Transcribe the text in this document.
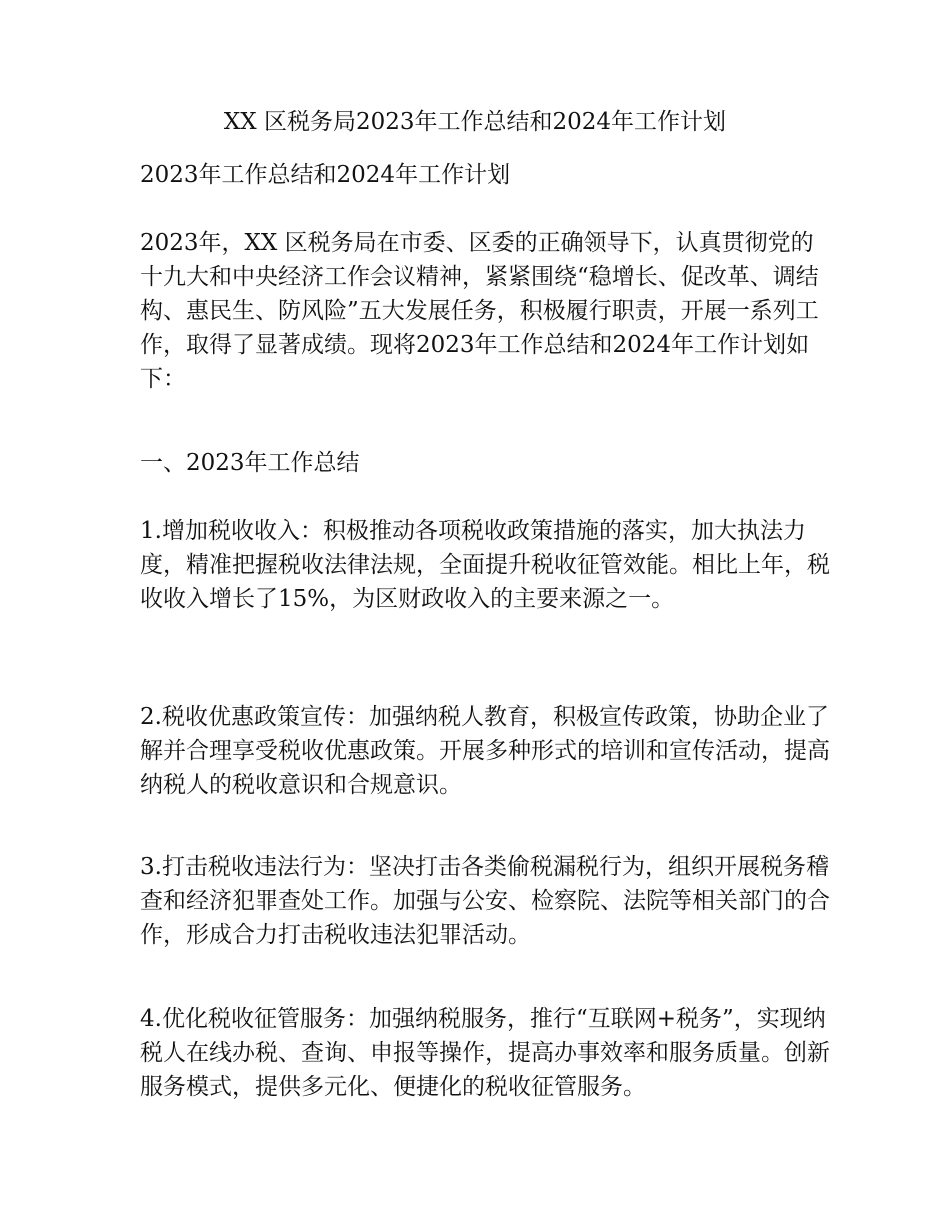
XX 区税务局2023年工作总结和2024年工作计划

2023年工作总结和2024年工作计划

2023年，XX 区税务局在市委、区委的正确领导下，认真贯彻党的十九大和中央经济工作会议精神，紧紧围绕“稳增长、促改革、调结构、惠民生、防风险”五大发展任务，积极履行职责，开展一系列工作，取得了显著成绩。现将2023年工作总结和2024年工作计划如下：

一、2023年工作总结

1.增加税收收入：积极推动各项税收政策措施的落实，加大执法力度，精准把握税收法律法规，全面提升税收征管效能。相比上年，税收收入增长了15%，为区财政收入的主要来源之一。

2.税收优惠政策宣传：加强纳税人教育，积极宣传政策，协助企业了解并合理享受税收优惠政策。开展多种形式的培训和宣传活动，提高纳税人的税收意识和合规意识。

3.打击税收违法行为：坚决打击各类偷税漏税行为，组织开展税务稽查和经济犯罪查处工作。加强与公安、检察院、法院等相关部门的合作，形成合力打击税收违法犯罪活动。

4.优化税收征管服务：加强纳税服务，推行“互联网+税务”，实现纳税人在线办税、查询、申报等操作，提高办事效率和服务质量。创新服务模式，提供多元化、便捷化的税收征管服务。
